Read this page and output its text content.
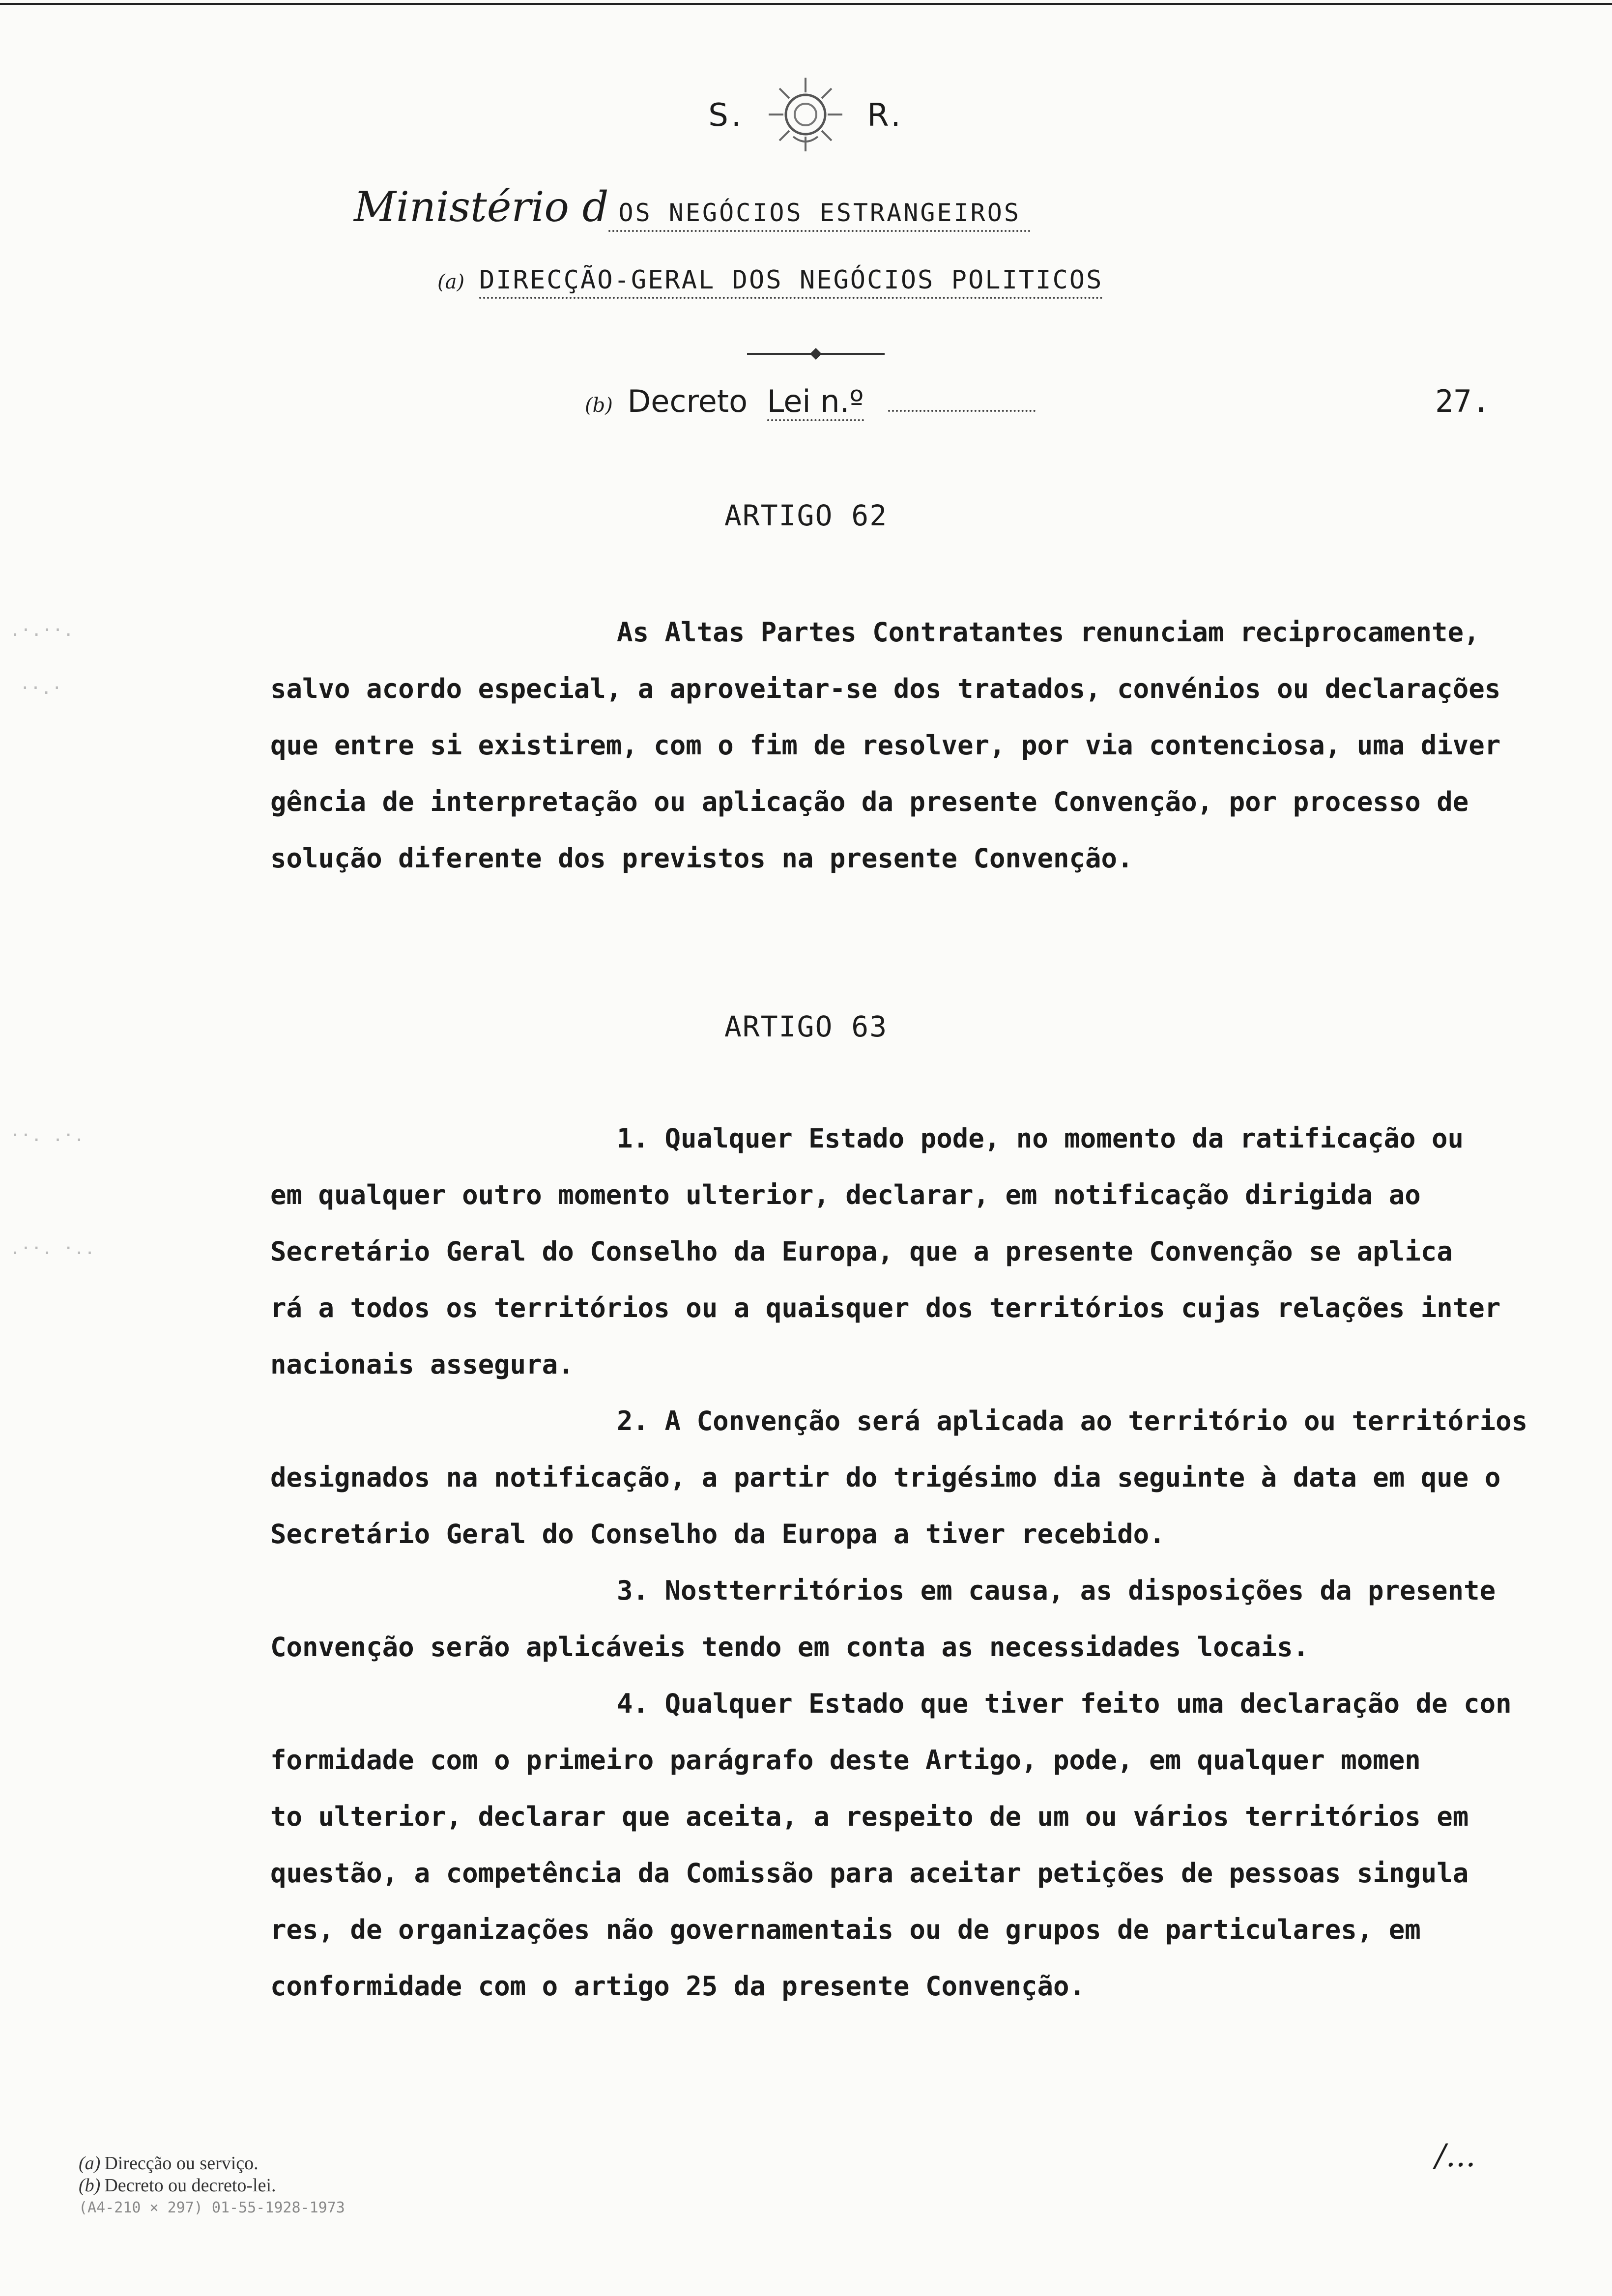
S.	R.
Ministério d OS NEGÓCIOS ESTRANGEIROS
(a) DIRECÇÃO-GERAL DOS NEGÓCIOS POLITICOS
(b) Decreto Lei n.º	27.
ARTIGO 62
As Altas Partes Contratantes renunciam reciprocamente,
salvo acordo especial, a aproveitar-se dos tratados, convénios ou declarações
que entre si existirem, com o fim de resolver, por via contenciosa, uma diver
gência de interpretação ou aplicação da presente Convenção, por processo de
solução diferente dos previstos na presente Convenção.
ARTIGO 63
1. Qualquer Estado pode, no momento da ratificação ou
em qualquer outro momento ulterior, declarar, em notificação dirigida ao
Secretário Geral do Conselho da Europa, que a presente Convenção se aplica
rá a todos os territórios ou a quaisquer dos territórios cujas relações inter
nacionais assegura.
2. A Convenção será aplicada ao território ou territórios
designados na notificação, a partir do trigésimo dia seguinte à data em que o
Secretário Geral do Conselho da Europa a tiver recebido.
3. Nostterritórios em causa, as disposições da presente
Convenção serão aplicáveis tendo em conta as necessidades locais.
4. Qualquer Estado que tiver feito uma declaração de con
formidade com o primeiro parágrafo deste Artigo, pode, em qualquer momen
to ulterior, declarar que aceita, a respeito de um ou vários territórios em
questão, a competência da Comissão para aceitar petições de pessoas singula
res, de organizações não governamentais ou de grupos de particulares, em
conformidade com o artigo 25 da presente Convenção.
.·.··.
··.·
··. .·.
.··. ·..
(a) Direcção ou serviço.
(b) Decreto ou decreto-lei.
(A4-210 × 297) 01-55-1928-1973
/...
